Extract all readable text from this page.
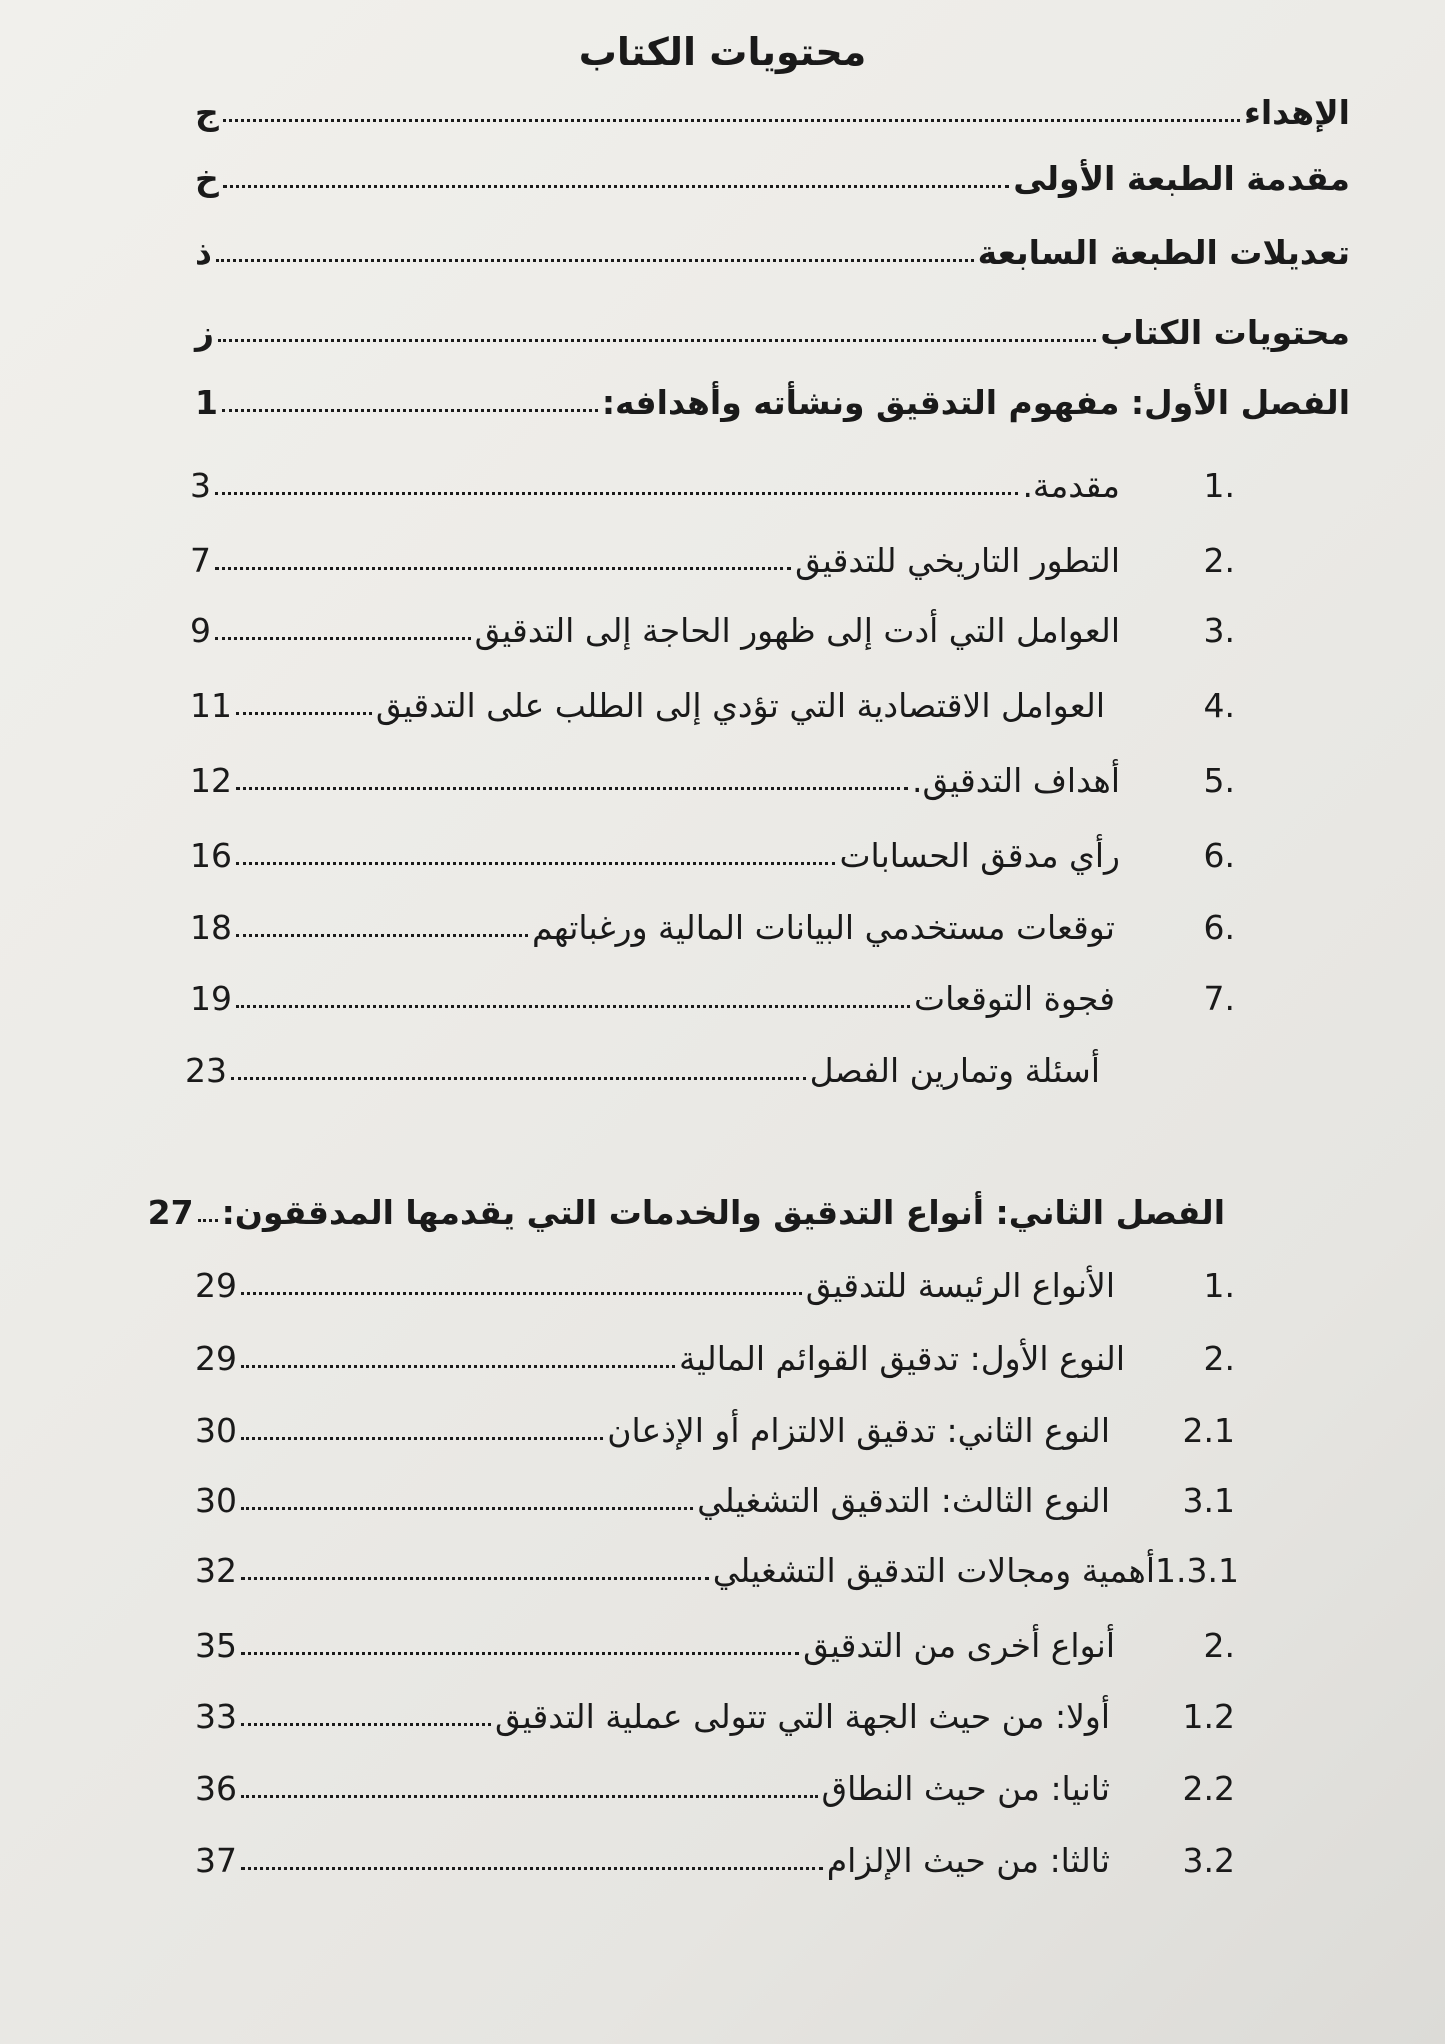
محتويات الكتاب
الإهداء
ج
مقدمة الطبعة الأولى
خ
تعديلات الطبعة السابعة
ذ
محتويات الكتاب
ز
الفصل الأول: مفهوم التدقيق ونشأته وأهدافه:
1
1.
مقدمة.
3
2.
التطور التاريخي للتدقيق
7
3.
العوامل التي أدت إلى ظهور الحاجة إلى التدقيق
9
4.
العوامل الاقتصادية التي تؤدي إلى الطلب على التدقيق
11
5.
أهداف التدقيق.
12
6.
رأي مدقق الحسابات
16
6.
توقعات مستخدمي البيانات المالية ورغباتهم
18
7.
فجوة التوقعات
19
أسئلة وتمارين الفصل
23
الفصل الثاني: أنواع التدقيق والخدمات التي يقدمها المدققون:
27
1.
الأنواع الرئيسة للتدقيق
29
2.
النوع الأول: تدقيق القوائم المالية
29
2.1
النوع الثاني: تدقيق الالتزام أو الإذعان
30
3.1
النوع الثالث: التدقيق التشغيلي
30
1.3.1
أهمية ومجالات التدقيق التشغيلي
32
2.
أنواع أخرى من التدقيق
35
1.2
أولا: من حيث الجهة التي تتولى عملية التدقيق
33
2.2
ثانيا: من حيث النطاق
36
3.2
ثالثا: من حيث الإلزام
37
